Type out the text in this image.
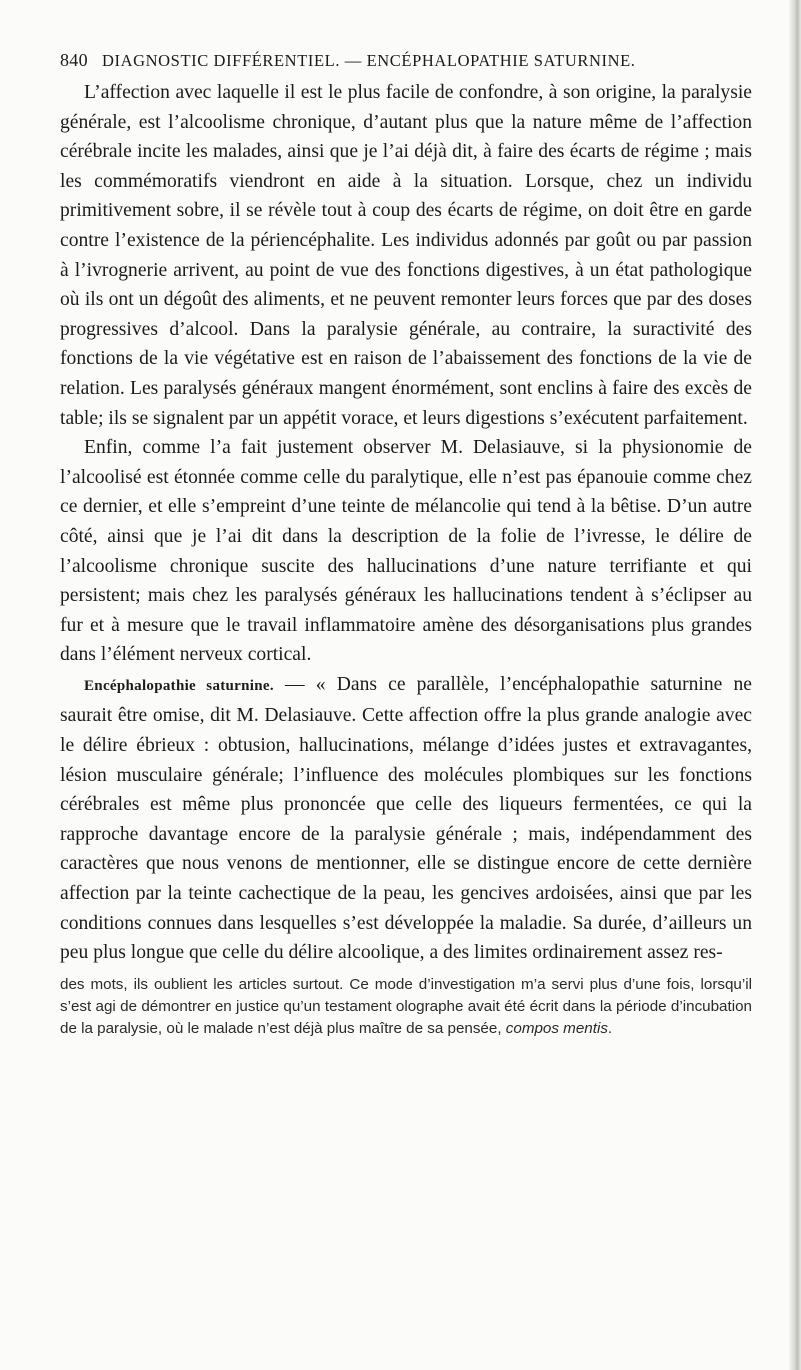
840 DIAGNOSTIC DIFFÉRENTIEL. — ENCÉPHALOPATHIE SATURNINE.

L’affection avec laquelle il est le plus facile de confondre, à son origine, la paralysie générale, est l’alcoolisme chronique, d’autant plus que la nature même de l’affection cérébrale incite les malades, ainsi que je l’ai déjà dit, à faire des écarts de régime ; mais les commémoratifs viendront en aide à la situation. Lorsque, chez un individu primitivement sobre, il se révèle tout à coup des écarts de régime, on doit être en garde contre l’existence de la périencéphalite. Les individus adonnés par goût ou par passion à l’ivrognerie arrivent, au point de vue des fonctions digestives, à un état pathologique où ils ont un dégoût des aliments, et ne peuvent remonter leurs forces que par des doses progressives d’alcool. Dans la paralysie générale, au contraire, la suractivité des fonctions de la vie végétative est en raison de l’abaissement des fonctions de la vie de relation. Les paralysés généraux mangent énormément, sont enclins à faire des excès de table; ils se signalent par un appétit vorace, et leurs digestions s’exécutent parfaitement.

Enfin, comme l’a fait justement observer M. Delasiauve, si la physionomie de l’alcoolisé est étonnée comme celle du paralytique, elle n’est pas épanouie comme chez ce dernier, et elle s’empreint d’une teinte de mélancolie qui tend à la bêtise. D’un autre côté, ainsi que je l’ai dit dans la description de la folie de l’ivresse, le délire de l’alcoolisme chronique suscite des hallucinations d’une nature terrifiante et qui persistent; mais chez les paralysés généraux les hallucinations tendent à s’éclipser au fur et à mesure que le travail inflammatoire amène des désorganisations plus grandes dans l’élément nerveux cortical.

Encéphalopathie saturnine. — « Dans ce parallèle, l’encéphalopathie saturnine ne saurait être omise, dit M. Delasiauve. Cette affection offre la plus grande analogie avec le délire ébrieux : obtusion, hallucinations, mélange d’idées justes et extravagantes, lésion musculaire générale; l’influence des molécules plombiques sur les fonctions cérébrales est même plus prononcée que celle des liqueurs fermentées, ce qui la rapproche davantage encore de la paralysie générale ; mais, indépendamment des caractères que nous venons de mentionner, elle se distingue encore de cette dernière affection par la teinte cachectique de la peau, les gencives ardoisées, ainsi que par les conditions connues dans lesquelles s’est développée la maladie. Sa durée, d’ailleurs un peu plus longue que celle du délire alcoolique, a des limites ordinairement assez res-

des mots, ils oublient les articles surtout. Ce mode d’investigation m’a servi plus d’une fois, lorsqu’il s’est agi de démontrer en justice qu’un testament olographe avait été écrit dans la période d’incubation de la paralysie, où le malade n’est déjà plus maître de sa pensée, compos mentis.
